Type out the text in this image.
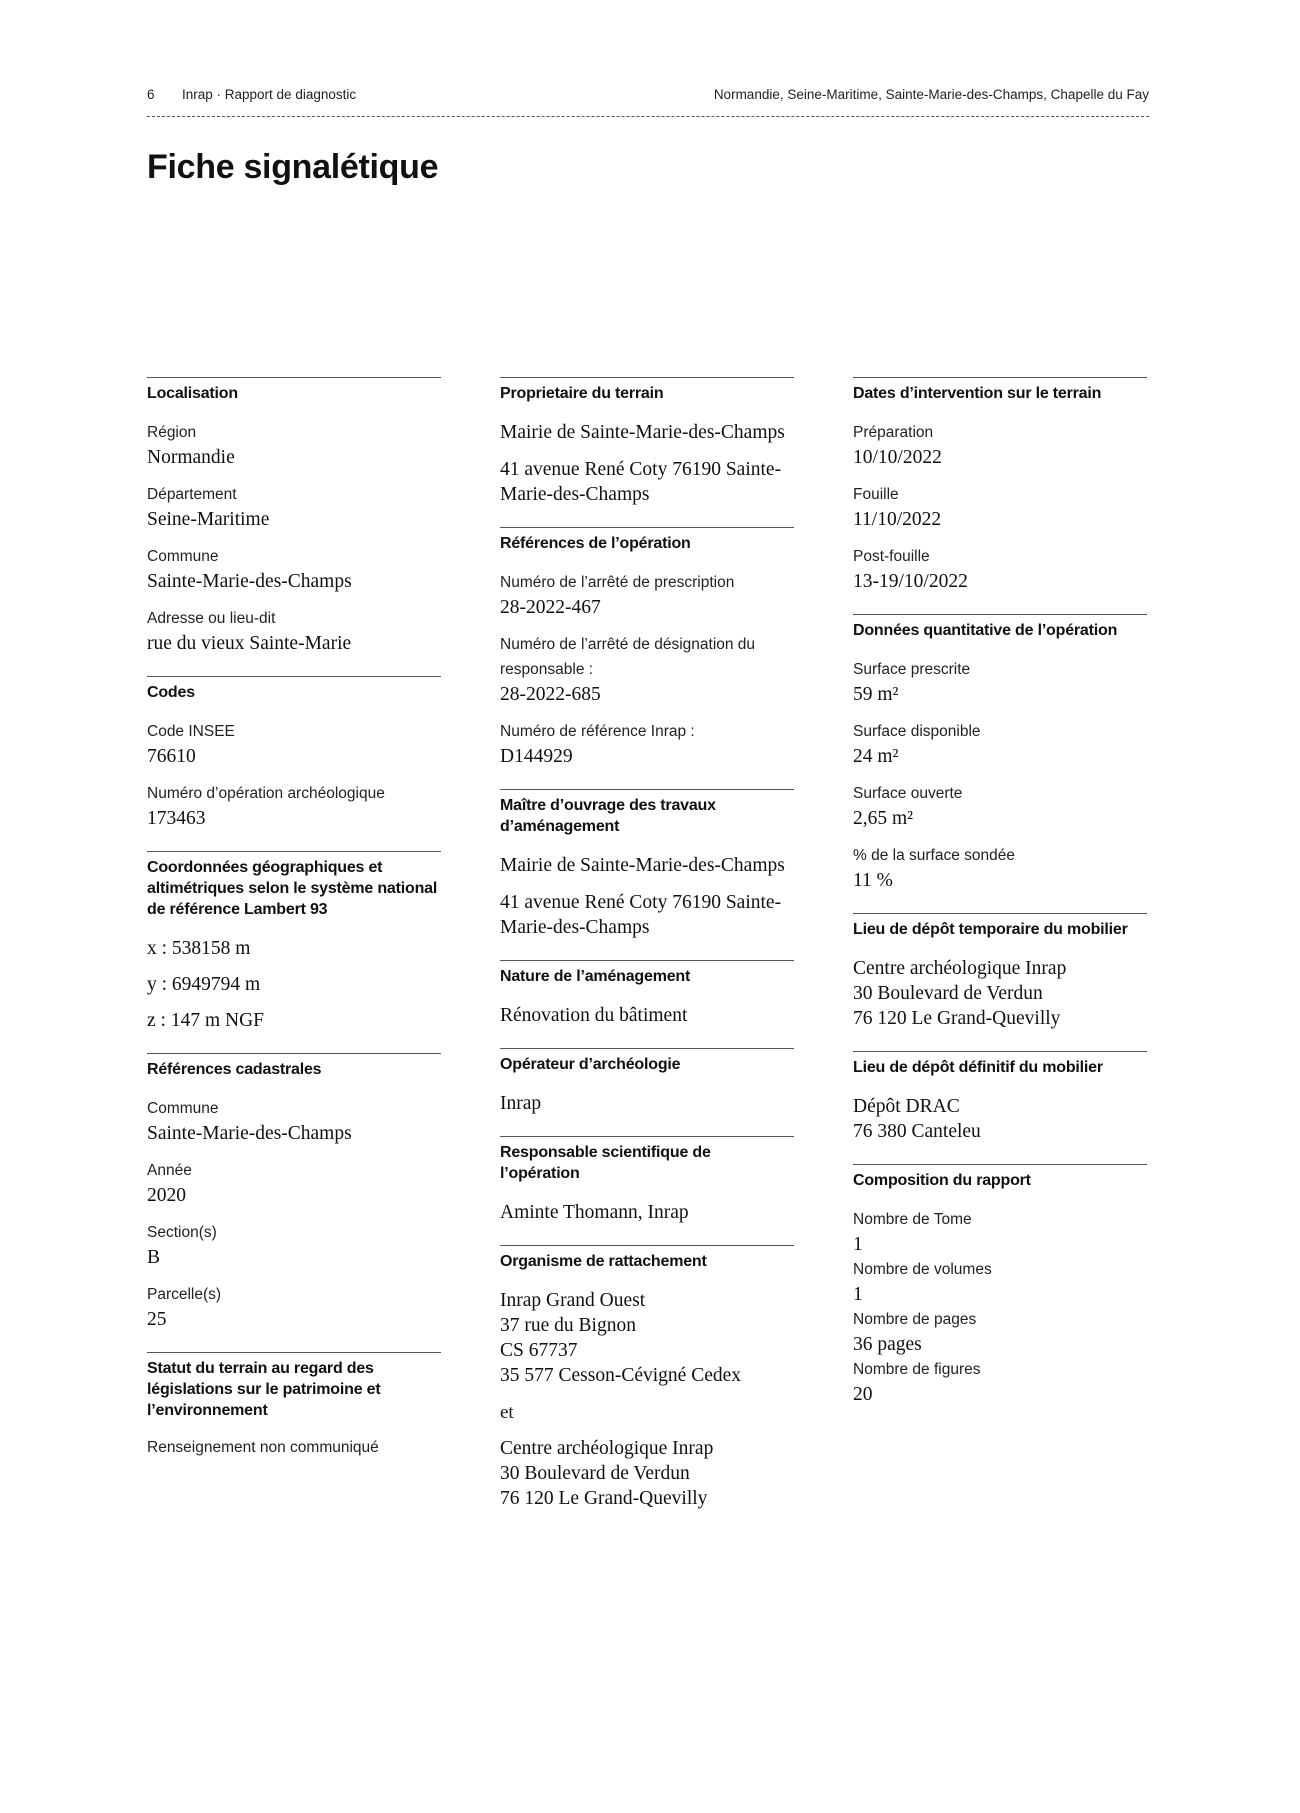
6 Inrap · Rapport de diagnostic	Normandie, Seine-Maritime, Sainte-Marie-des-Champs, Chapelle du Fay
Fiche signalétique
Localisation
Région
Normandie
Département
Seine-Maritime
Commune
Sainte-Marie-des-Champs
Adresse ou lieu-dit
rue du vieux Sainte-Marie
Codes
Code INSEE
76610
Numéro d’opération archéologique
173463
Coordonnées géographiques et altimétriques selon le système national de référence Lambert 93
x : 538158 m
y : 6949794 m
z : 147 m NGF
Références cadastrales
Commune
Sainte-Marie-des-Champs
Année
2020
Section(s)
B
Parcelle(s)
25
Statut du terrain au regard des législations sur le patrimoine et l’environnement
Renseignement non communiqué
Proprietaire du terrain
Mairie de Sainte-Marie-des-Champs
41 avenue René Coty 76190 Sainte-Marie-des-Champs
Références de l’opération
Numéro de l’arrêté de prescription
28-2022-467
Numéro de l’arrêté de désignation du responsable :
28-2022-685
Numéro de référence Inrap :
D144929
Maître d’ouvrage des travaux d’aménagement
Mairie de Sainte-Marie-des-Champs
41 avenue René Coty 76190 Sainte-Marie-des-Champs
Nature de l’aménagement
Rénovation du bâtiment
Opérateur d’archéologie
Inrap
Responsable scientifique de l’opération
Aminte Thomann, Inrap
Organisme de rattachement
Inrap Grand Ouest
37 rue du Bignon
CS 67737
35 577 Cesson-Cévigné Cedex
et
Centre archéologique Inrap
30 Boulevard de Verdun
76 120 Le Grand-Quevilly
Dates d’intervention sur le terrain
Préparation
10/10/2022
Fouille
11/10/2022
Post-fouille
13-19/10/2022
Données quantitative de l’opération
Surface prescrite
59 m²
Surface disponible
24 m²
Surface ouverte
2,65 m²
% de la surface sondée
11 %
Lieu de dépôt temporaire du mobilier
Centre archéologique Inrap
30 Boulevard de Verdun
76 120 Le Grand-Quevilly
Lieu de dépôt définitif du mobilier
Dépôt DRAC
76 380 Canteleu
Composition du rapport
Nombre de Tome
1
Nombre de volumes
1
Nombre de pages
36 pages
Nombre de figures
20
